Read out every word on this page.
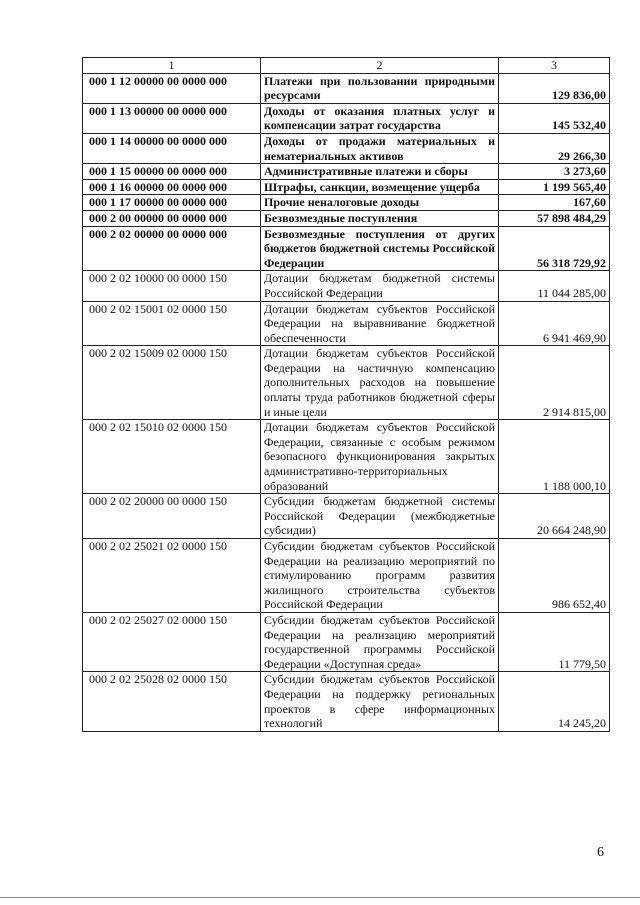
1	2	3
000 1 12 00000 00 0000 000	Платежи при пользовании природными ресурсами	129 836,00
000 1 13 00000 00 0000 000	Доходы от оказания платных услуг и компенсации затрат государства	145 532,40
000 1 14 00000 00 0000 000	Доходы от продажи материальных и нематериальных активов	29 266,30
000 1 15 00000 00 0000 000	Административные платежи и сборы	3 273,60
000 1 16 00000 00 0000 000	Штрафы, санкции, возмещение ущерба	1 199 565,40
000 1 17 00000 00 0000 000	Прочие неналоговые доходы	167,60
000 2 00 00000 00 0000 000	Безвозмездные поступления	57 898 484,29
000 2 02 00000 00 0000 000	Безвозмездные поступления от других бюджетов бюджетной системы Российской Федерации	56 318 729,92
000 2 02 10000 00 0000 150	Дотации бюджетам бюджетной системы Российской Федерации	11 044 285,00
000 2 02 15001 02 0000 150	Дотации бюджетам субъектов Российской Федерации на выравнивание бюджетной обеспеченности	6 941 469,90
000 2 02 15009 02 0000 150	Дотации бюджетам субъектов Российской Федерации на частичную компенсацию дополнительных расходов на повышение оплаты труда работников бюджетной сферы и иные цели	2 914 815,00
000 2 02 15010 02 0000 150	Дотации бюджетам субъектов Российской Федерации, связанные с особым режимом безопасного функционирования закрытых административно-территориальных образований	1 188 000,10
000 2 02 20000 00 0000 150	Субсидии бюджетам бюджетной системы Российской Федерации (межбюджетные субсидии)	20 664 248,90
000 2 02 25021 02 0000 150	Субсидии бюджетам субъектов Российской Федерации на реализацию мероприятий по стимулированию программ развития жилищного строительства субъектов Российской Федерации	986 652,40
000 2 02 25027 02 0000 150	Субсидии бюджетам субъектов Российской Федерации на реализацию мероприятий государственной программы Российской Федерации «Доступная среда»	11 779,50
000 2 02 25028 02 0000 150	Субсидии бюджетам субъектов Российской Федерации на поддержку региональных проектов в сфере информационных технологий	14 245,20
6
